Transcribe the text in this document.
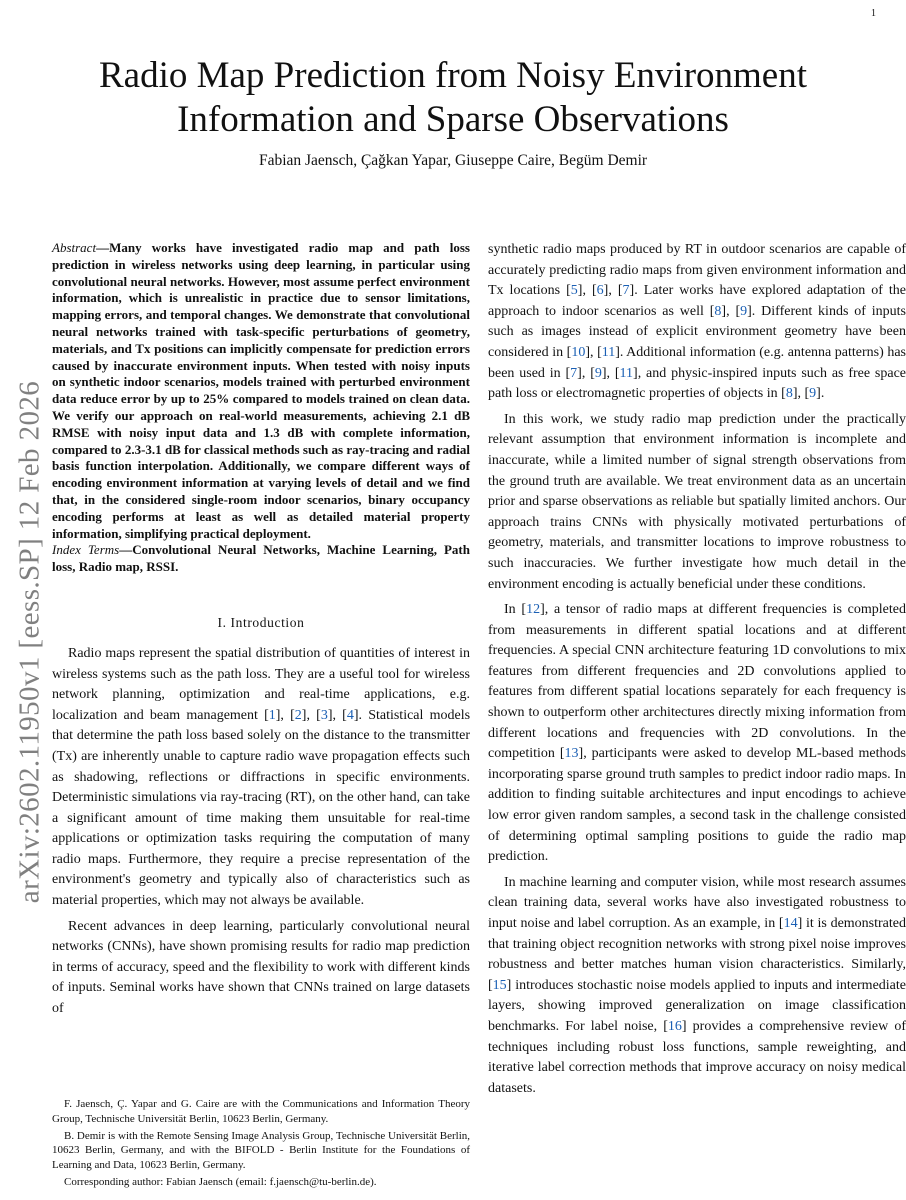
1
arXiv:2602.11950v1 [eess.SP] 12 Feb 2026
Radio Map Prediction from Noisy Environment
Information and Sparse Observations
Fabian Jaensch, Çağkan Yapar, Giuseppe Caire, Begüm Demir

Abstract—Many works have investigated radio map and path loss prediction in wireless networks using deep learning, in particular using convolutional neural networks. However, most assume perfect environment information, which is unrealistic in practice due to sensor limitations, mapping errors, and temporal changes. We demonstrate that convolutional neural networks trained with task-specific perturbations of geometry, materials, and Tx positions can implicitly compensate for prediction errors caused by inaccurate environment inputs. When tested with noisy inputs on synthetic indoor scenarios, models trained with perturbed environment data reduce error by up to 25% compared to models trained on clean data. We verify our approach on real-world measurements, achieving 2.1 dB RMSE with noisy input data and 1.3 dB with complete information, compared to 2.3-3.1 dB for classical methods such as ray-tracing and radial basis function interpolation. Additionally, we compare different ways of encoding environment information at varying levels of detail and we find that, in the considered single-room indoor scenarios, binary occupancy encoding performs at least as well as detailed material property information, simplifying practical deployment.

Index Terms—Convolutional Neural Networks, Machine Learning, Path loss, Radio map, RSSI.

I. Introduction

Radio maps represent the spatial distribution of quantities of interest in wireless systems such as the path loss. They are a useful tool for wireless network planning, optimization and real-time applications, e.g. localization and beam management [ 1 ] , [ 2 ] , [ 3 ] , [ 4 ] . Statistical models that determine the path loss based solely on the distance to the transmitter (Tx) are inherently unable to capture radio wave propagation effects such as shadowing, reflections or diffractions in specific environments. Deterministic simulations via ray-tracing (RT), on the other hand, can take a significant amount of time making them unsuitable for real-time applications or optimization tasks requiring the computation of many radio maps. Furthermore, they require a precise representation of the environment's geometry and typically also of characteristics such as material properties, which may not always be available.

Recent advances in deep learning, particularly convolutional neural networks (CNNs), have shown promising results for radio map prediction in terms of accuracy, speed and the flexibility to work with different kinds of inputs. Seminal works have shown that CNNs trained on large datasets of

synthetic radio maps produced by RT in outdoor scenarios are capable of accurately predicting radio maps from given environment information and Tx locations [ 5 ] , [ 6 ] , [ 7 ] . Later works have explored adaptation of the approach to indoor scenarios as well [ 8 ] , [ 9 ] . Different kinds of inputs such as images instead of explicit environment geometry have been considered in [ 10 ] , [ 11 ] . Additional information (e.g. antenna patterns) has been used in [ 7 ] , [ 9 ] , [ 11 ] , and physic-inspired inputs such as free space path loss or electromagnetic properties of objects in [ 8 ] , [ 9 ] .

In this work, we study radio map prediction under the practically relevant assumption that environment information is incomplete and inaccurate, while a limited number of signal strength observations from the ground truth are available. We treat environment data as an uncertain prior and sparse observations as reliable but spatially limited anchors. Our approach trains CNNs with physically motivated perturbations of geometry, materials, and transmitter locations to improve robustness to such inaccuracies. We further investigate how much detail in the environment encoding is actually beneficial under these conditions.

In [ 12 ] , a tensor of radio maps at different frequencies is completed from measurements in different spatial locations and at different frequencies. A special CNN architecture featuring 1D convolutions to mix features from different frequencies and 2D convolutions applied to features from different spatial locations separately for each frequency is shown to outperform other architectures directly mixing information from different locations and frequencies with 2D convolutions. In the competition [ 13 ] , participants were asked to develop ML-based methods incorporating sparse ground truth samples to predict indoor radio maps. In addition to finding suitable architectures and input encodings to achieve low error given random samples, a second task in the challenge consisted of determining optimal sampling positions to guide the radio map prediction.

In machine learning and computer vision, while most research assumes clean training data, several works have also investigated robustness to input noise and label corruption. As an example, in [ 14 ] it is demonstrated that training object recognition networks with strong pixel noise improves robustness and better matches human vision characteristics. Similarly, [ 15 ] introduces stochastic noise models applied to inputs and intermediate layers, showing improved generalization on image classification benchmarks. For label noise, [ 16 ] provides a comprehensive review of techniques including robust loss functions, sample reweighting, and iterative label correction methods that improve accuracy on noisy medical datasets.

F. Jaensch, Ç. Yapar and G. Caire are with the Communications and Information Theory Group, Technische Universität Berlin, 10623 Berlin, Germany.

B. Demir is with the Remote Sensing Image Analysis Group, Technische Universität Berlin, 10623 Berlin, Germany, and with the BIFOLD - Berlin Institute for the Foundations of Learning and Data, 10623 Berlin, Germany.

Corresponding author: Fabian Jaensch (email: f.jaensch@tu-berlin.de).
